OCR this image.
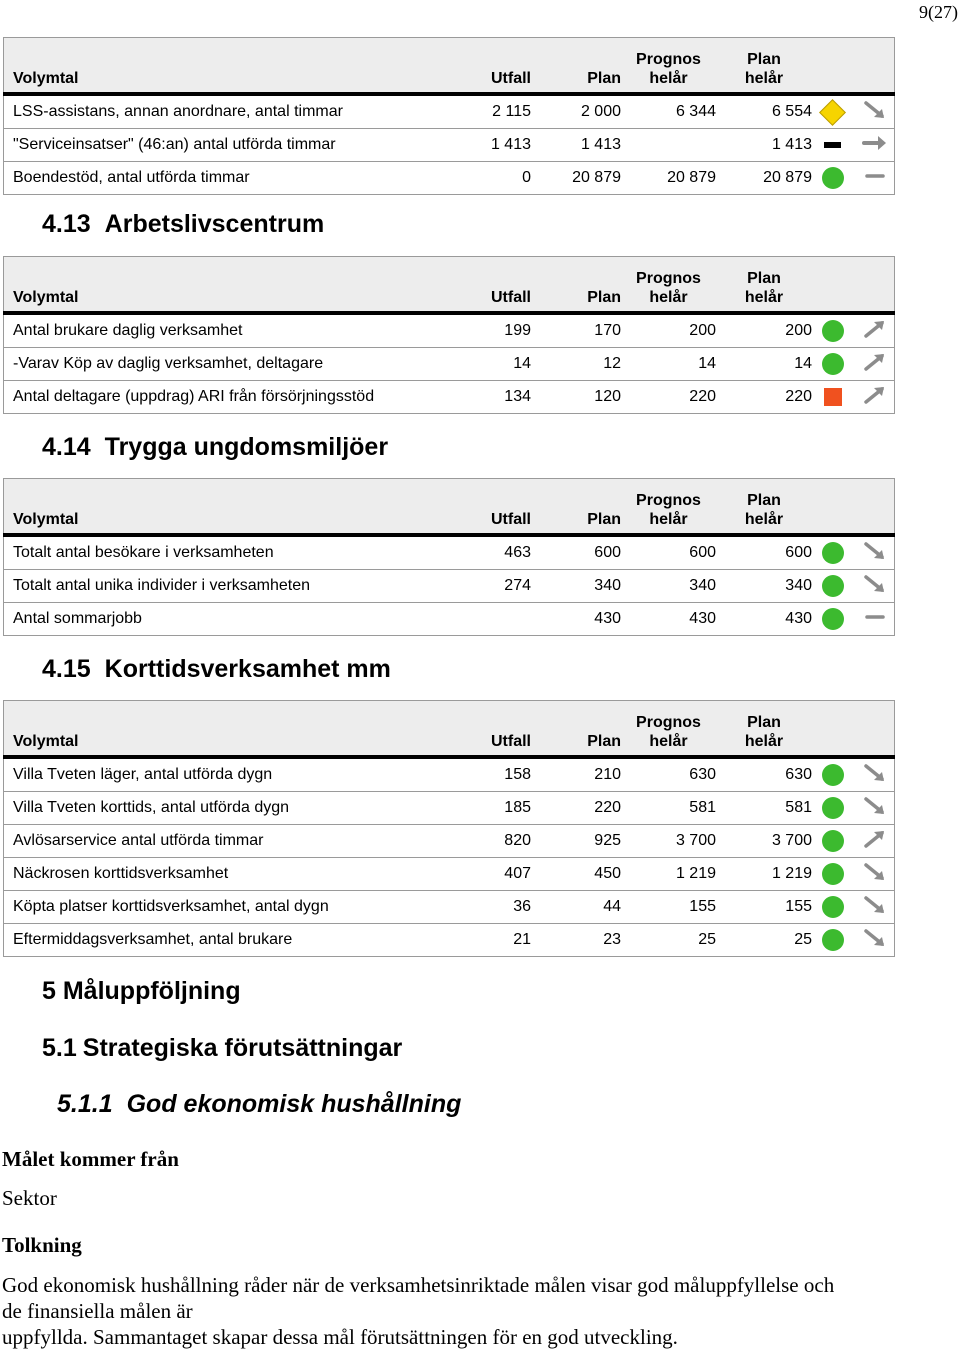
9(27)
Volymtal	Utfall	Plan	Prognos
helår	Plan
helår		

LSS-assistans, annan anordnare, antal timmar	2 115	2 000	6 344	6 554		
"Serviceinsatser" (46:an) antal utförda timmar	1 413	1 413		1 413		
Boendestöd, antal utförda timmar	0	20 879	20 879	20 879		
4.13 Arbetslivscentrum
Volymtal	Utfall	Plan	Prognos
helår	Plan
helår		

Antal brukare daglig verksamhet	199	170	200	200		
-Varav Köp av daglig verksamhet, deltagare	14	12	14	14		
Antal deltagare (uppdrag) ARI från försörjningsstöd	134	120	220	220		
4.14 Trygga ungdomsmiljöer
Volymtal	Utfall	Plan	Prognos
helår	Plan
helår		

Totalt antal besökare i verksamheten	463	600	600	600		
Totalt antal unika individer i verksamheten	274	340	340	340		
Antal sommarjobb		430	430	430		
4.15 Korttidsverksamhet mm
Volymtal	Utfall	Plan	Prognos
helår	Plan
helår		

Villa Tveten läger, antal utförda dygn	158	210	630	630		
Villa Tveten korttids, antal utförda dygn	185	220	581	581		
Avlösarservice antal utförda timmar	820	925	3 700	3 700		
Näckrosen korttidsverksamhet	407	450	1 219	1 219		
Köpta platser korttidsverksamhet, antal dygn	36	44	155	155		
Eftermiddagsverksamhet, antal brukare	21	23	25	25		
5 Måluppföljning
5.1 Strategiska förutsättningar
5.1.1 God ekonomisk hushållning
Målet kommer från
Sektor
Tolkning
God ekonomisk hushållning råder när de verksamhetsinriktade målen visar god måluppfyllelse och
de finansiella målen är
uppfyllda. Sammantaget skapar dessa mål förutsättningen för en god utveckling.
